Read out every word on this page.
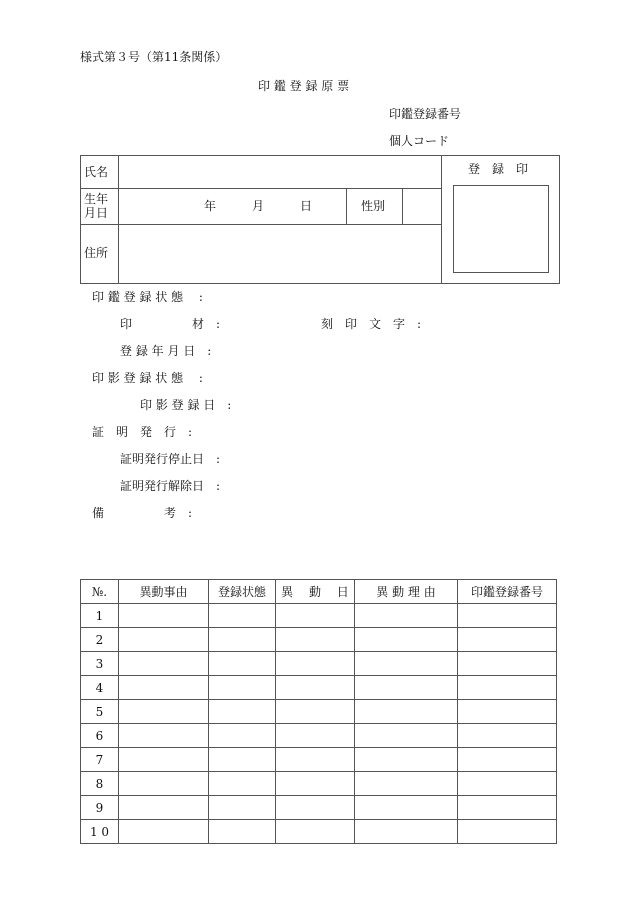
様式第３号（第11条関係）
印 鑑 登 録 原 票
印鑑登録番号
個人コード
氏名
生年
月日	年　　　月　　　日	性別
住所
登　録　印
印 鑑 登 録 状 態　 :
印　　　　　材　:	刻　印　文　字　:
登 録 年 月 日　:
印 影 登 録 状 態　 :
印 影 登 録 日　:
証　明　発　行　:
証明発行停止日　:
証明発行解除日　:
備　　　　　考　:
№.	異動事由	登録状態	異　 動　 日	異 動 理 由	印鑑登録番号
1					
2					
3					
4					
5					
6					
7					
8					
9					
1 0					
